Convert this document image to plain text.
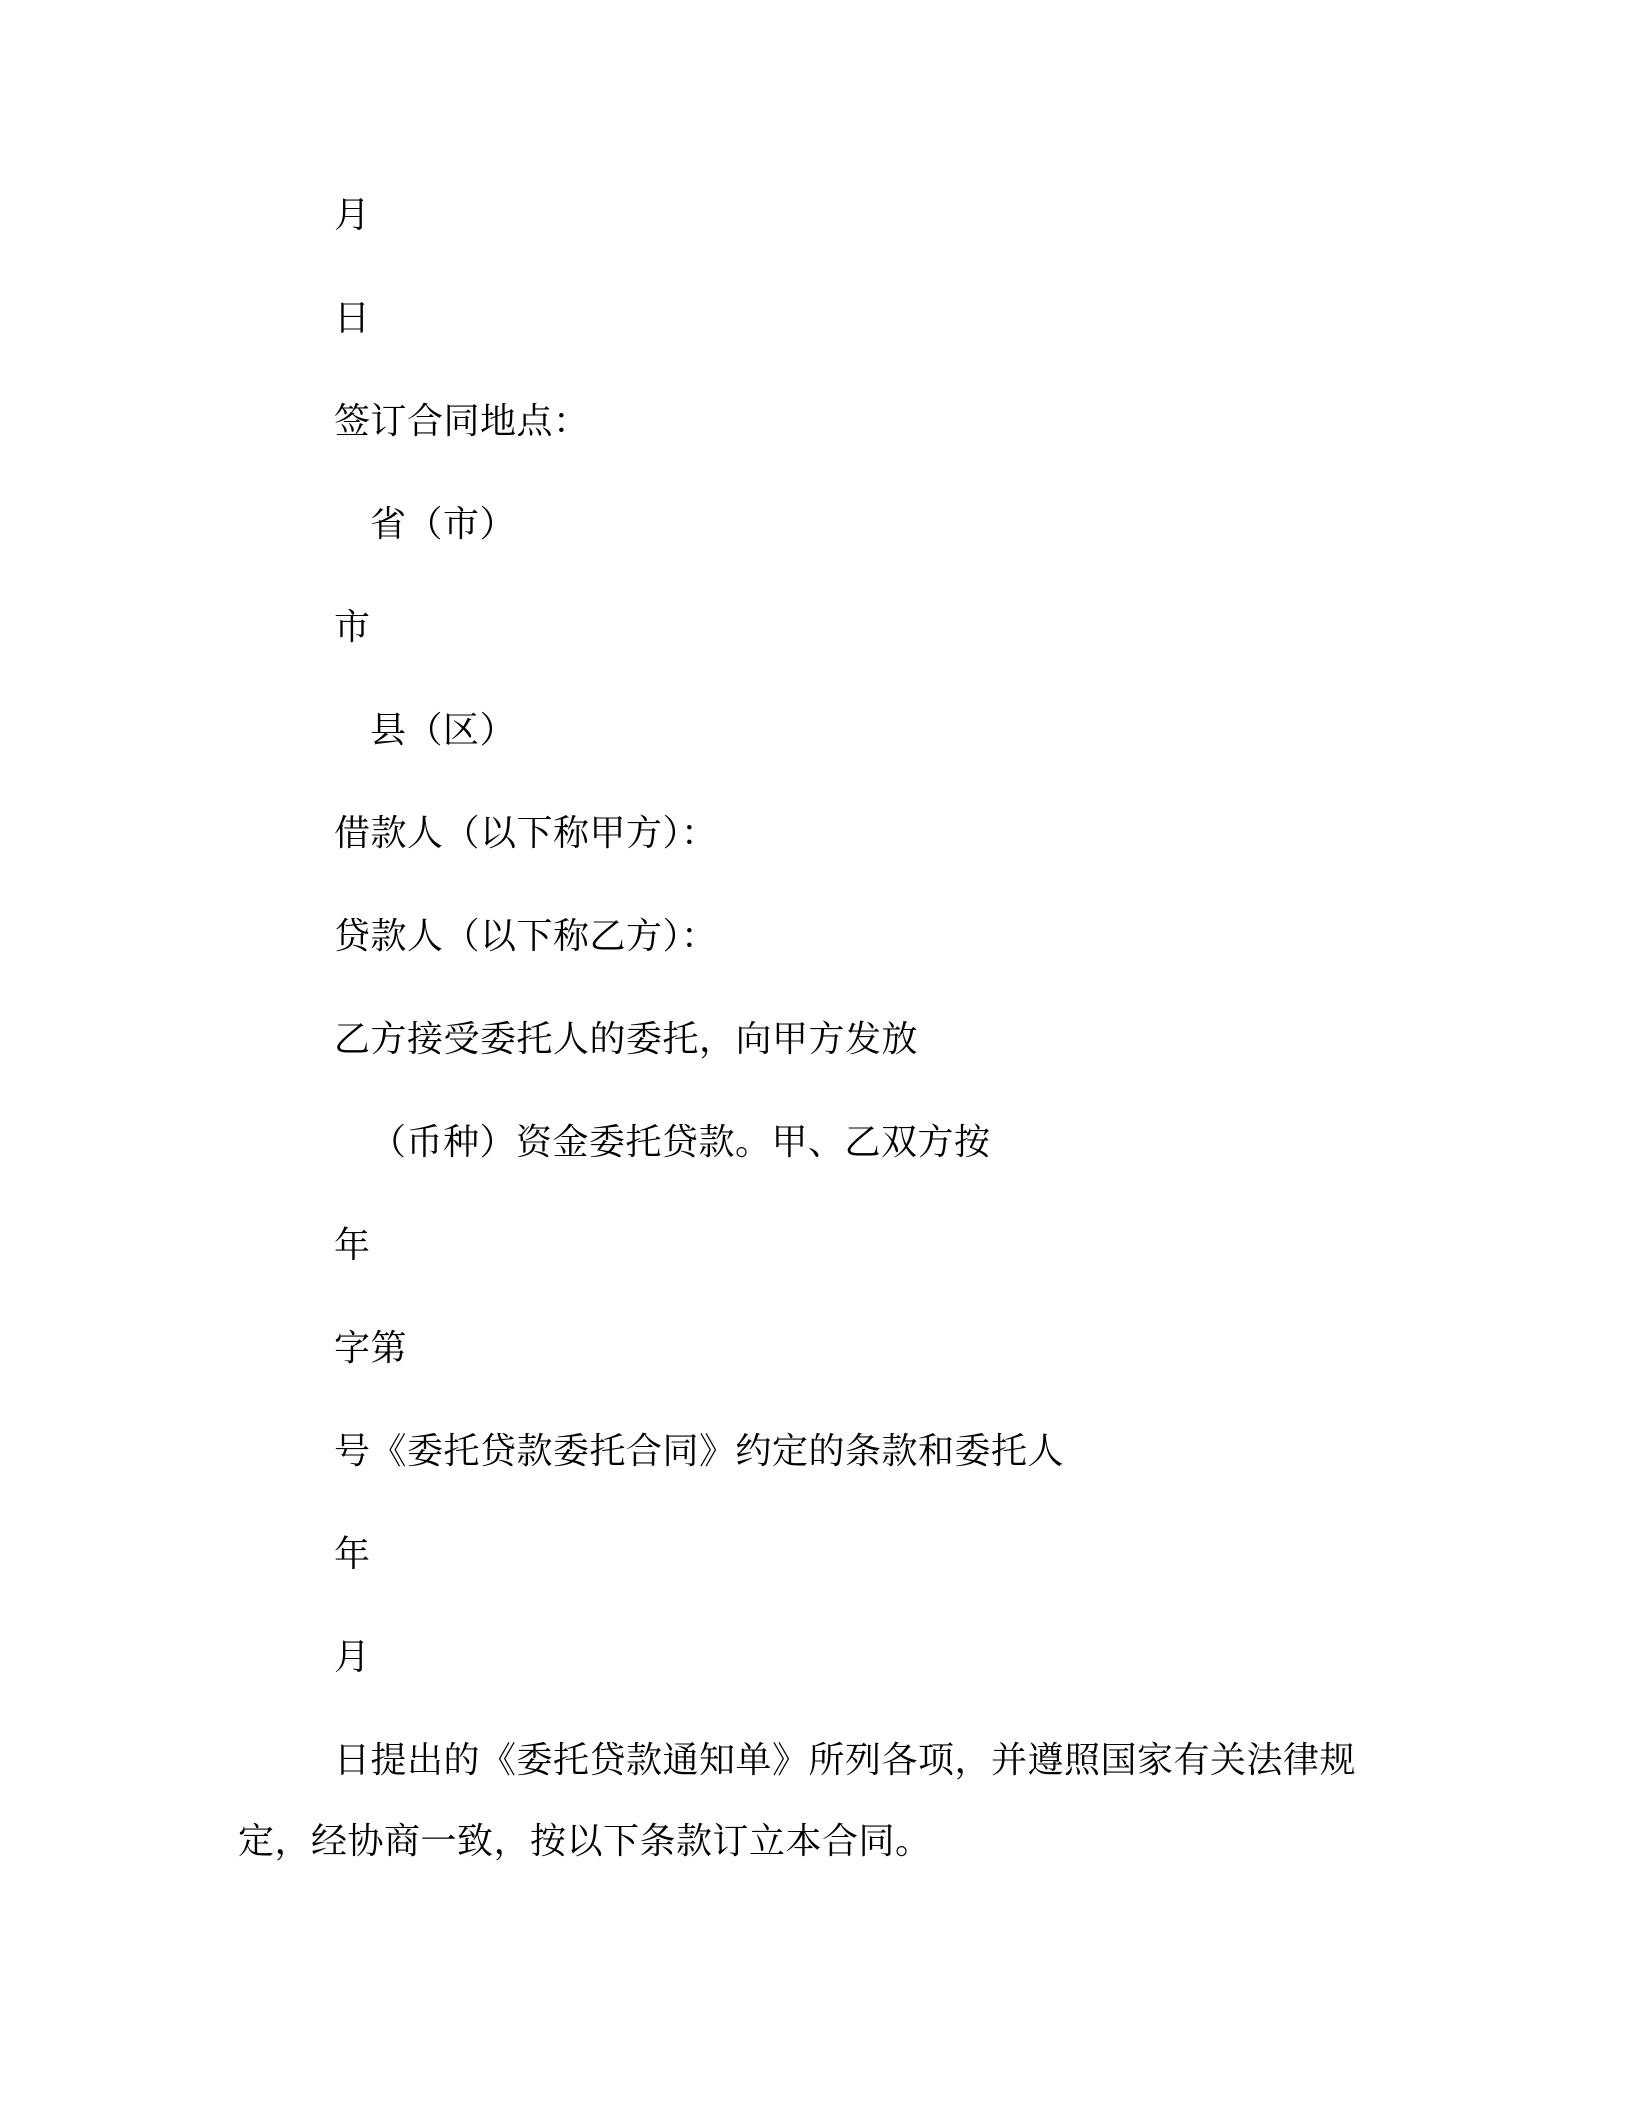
月
日
签订合同地点：
省（市）
市
县（区）
借款人（以下称甲方）：
贷款人（以下称乙方）：
乙方接受委托人的委托，向甲方发放
（币种）资金委托贷款。甲、乙双方按
年
字第
号《委托贷款委托合同》约定的条款和委托人
年
月
日提出的《委托贷款通知单》所列各项，并遵照国家有关法律规
定，经协商一致，按以下条款订立本合同。
